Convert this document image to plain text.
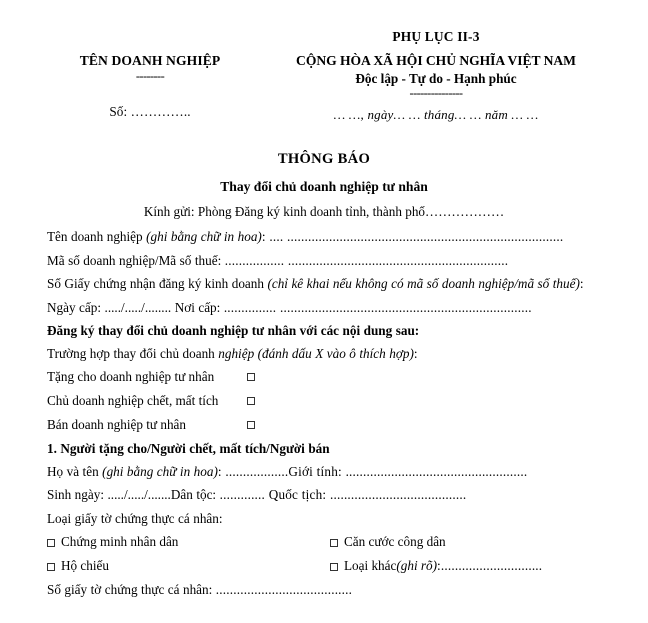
PHỤ LỤC II-3
TÊN DOANH NGHIỆP
--------
Số: …………..
CỘNG HÒA XÃ HỘI CHỦ NGHĨA VIỆT NAM
Độc lập - Tự do - Hạnh phúc
---------------
… …, ngày… … tháng… … năm … …
THÔNG BÁO
Thay đổi chủ doanh nghiệp tư nhân
Kính gửi: Phòng Đăng ký kinh doanh tỉnh, thành phố………………
Tên doanh nghiệp (ghi bằng chữ in hoa): .... ...............................................................................
Mã số doanh nghiệp/Mã số thuế: ................. ...............................................................
Số Giấy chứng nhận đăng ký kinh doanh (chỉ kê khai nếu không có mã số doanh nghiệp/mã số thuế):
Ngày cấp: ...../...../........ Nơi cấp: ............... ........................................................................
Đăng ký thay đổi chủ doanh nghiệp tư nhân với các nội dung sau:
Trường hợp thay đổi chủ doanh nghiệp (đánh dấu X vào ô thích hợp):
Tặng cho doanh nghiệp tư nhân
Chủ doanh nghiệp chết, mất tích
Bán doanh nghiệp tư nhân
1. Người tặng cho/Người chết, mất tích/Người bán
Họ và tên (ghi bằng chữ in hoa): ..................Giới tính: ....................................................
Sinh ngày: ...../...../.......Dân tộc: ............. Quốc tịch: .......................................
Loại giấy tờ chứng thực cá nhân:
Chứng minh nhân dân	Căn cước công dân
Hộ chiếu	Loại khác (ghi rõ) :.............................
Số giấy tờ chứng thực cá nhân: .......................................
